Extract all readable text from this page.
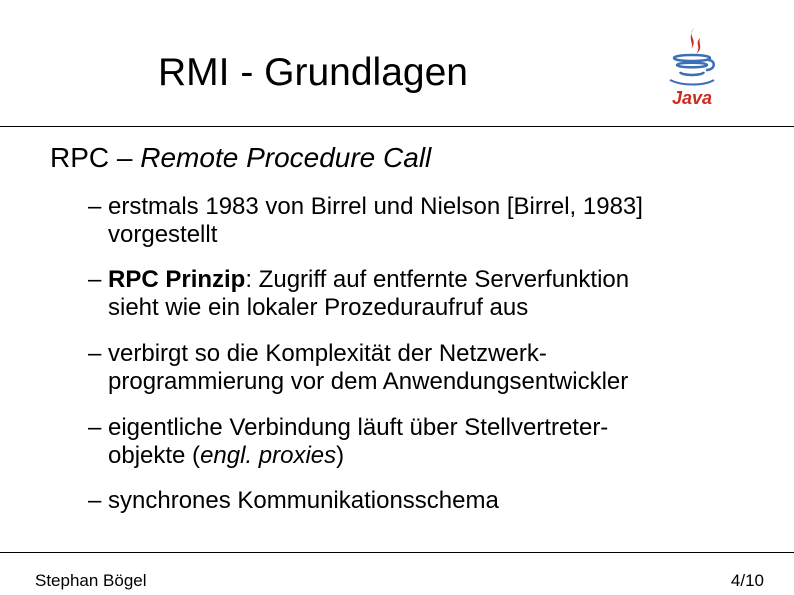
RMI - Grundlagen
Java
RPC – Remote Procedure Call
– erstmals 1983 von Birrel und Nielson [Birrel, 1983]
vorgestellt
– RPC Prinzip: Zugriff auf entfernte Serverfunktion
sieht wie ein lokaler Prozeduraufruf aus
– verbirgt so die Komplexität der Netzwerk-
programmierung vor dem Anwendungsentwickler
– eigentliche Verbindung läuft über Stellvertreter-
objekte (engl. proxies)
– synchrones Kommunikationsschema
Stephan Bögel	4/10
